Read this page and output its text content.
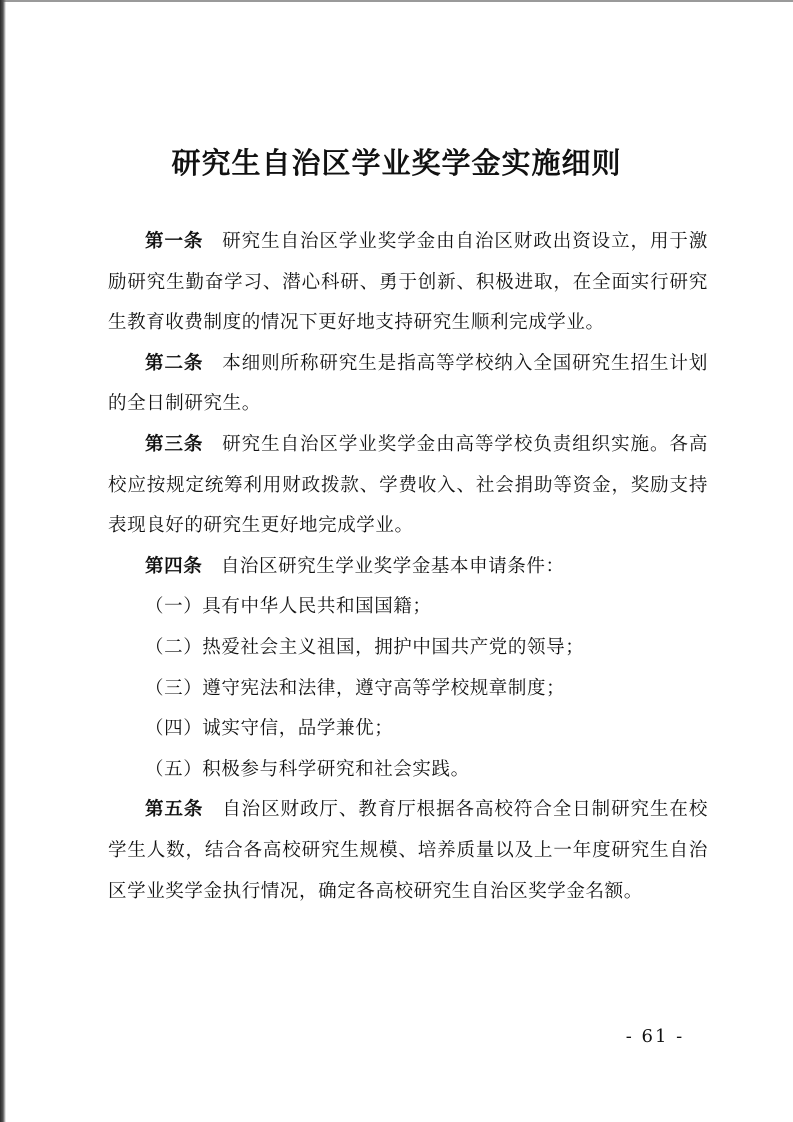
研究生自治区学业奖学金实施细则

第一条 研究生自治区学业奖学金由自治区财政出资设立，用于激励研究生勤奋学习、潜心科研、勇于创新、积极进取，在全面实行研究生教育收费制度的情况下更好地支持研究生顺利完成学业。

第二条 本细则所称研究生是指高等学校纳入全国研究生招生计划的全日制研究生。

第三条 研究生自治区学业奖学金由高等学校负责组织实施。各高校应按规定统筹利用财政拨款、学费收入、社会捐助等资金，奖励支持表现良好的研究生更好地完成学业。

第四条 自治区研究生学业奖学金基本申请条件：

（一）具有中华人民共和国国籍；

（二）热爱社会主义祖国，拥护中国共产党的领导；

（三）遵守宪法和法律，遵守高等学校规章制度；

（四）诚实守信，品学兼优；

（五）积极参与科学研究和社会实践。

第五条 自治区财政厅、教育厅根据各高校符合全日制研究生在校学生人数，结合各高校研究生规模、培养质量以及上一年度研究生自治区学业奖学金执行情况，确定各高校研究生自治区奖学金名额。

- 61 -
